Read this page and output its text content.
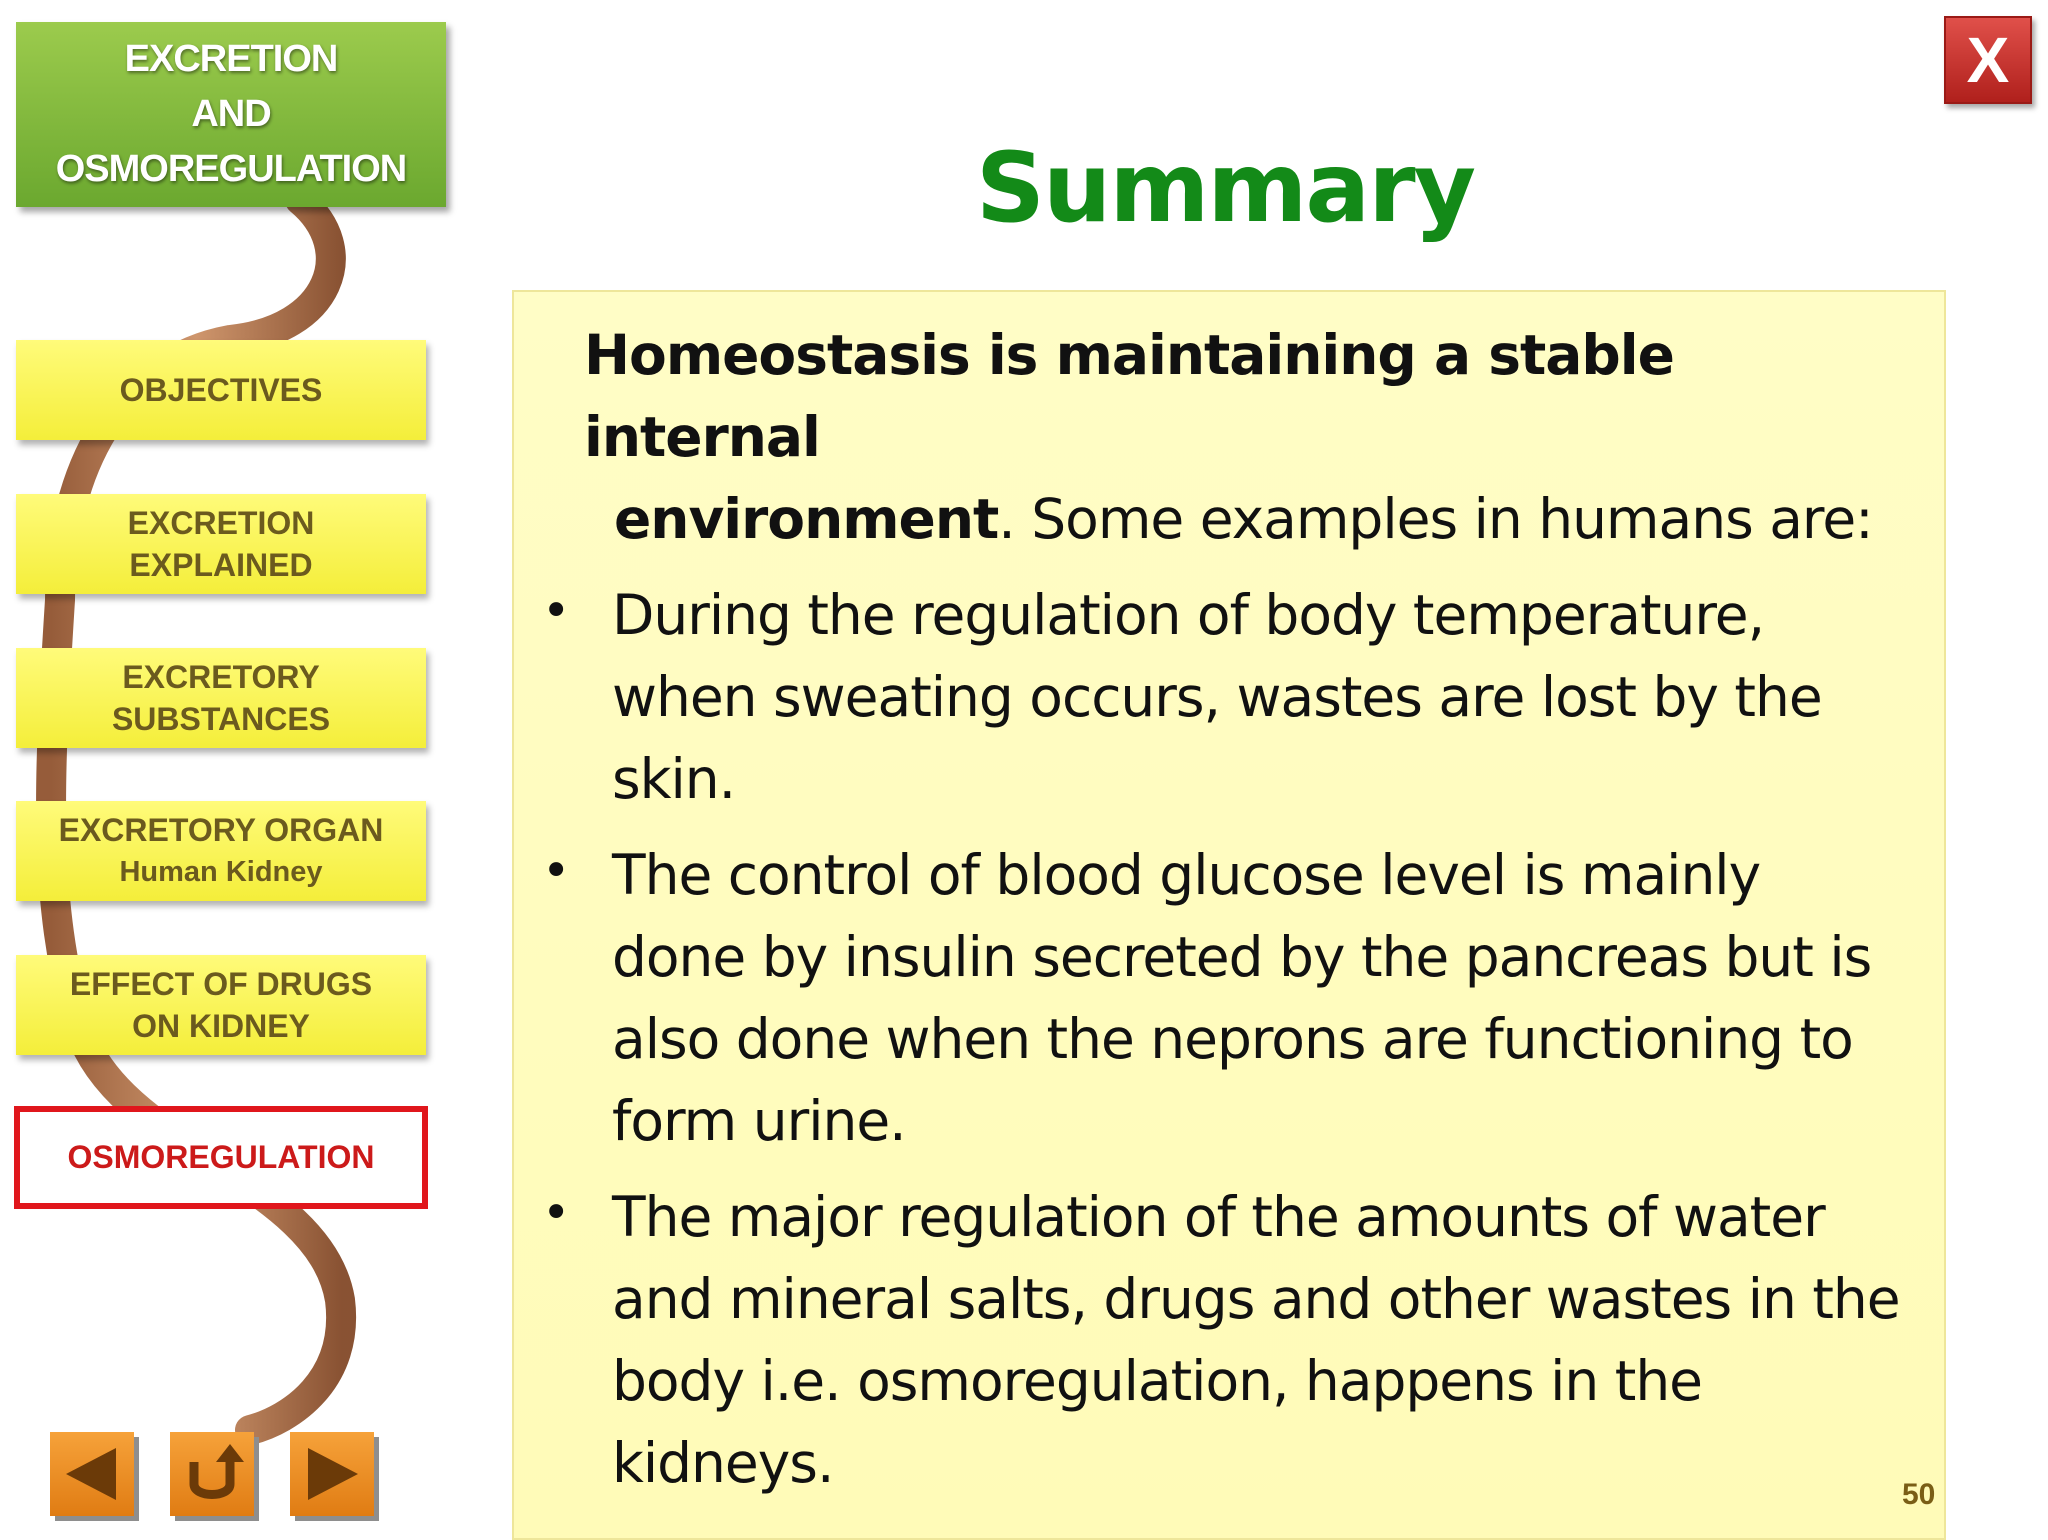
EXCRETION
AND
OSMOREGULATION
OBJECTIVES
EXCRETION
EXPLAINED
EXCRETORY
SUBSTANCES
EXCRETORY ORGAN
Human Kidney
EFFECT OF DRUGS
ON KIDNEY
OSMOREGULATION
X
Summary
Homeostasis is maintaining a stable internal
environment. Some examples in humans are:
• During the regulation of body temperature, when sweating occurs, wastes are lost by the skin.
• The control of blood glucose level is mainly done by insulin secreted by the pancreas but is also done when the neprons are functioning to form urine.
• The major regulation of the amounts of water and mineral salts, drugs and other wastes in the body i.e. osmoregulation, happens in the kidneys.	50
